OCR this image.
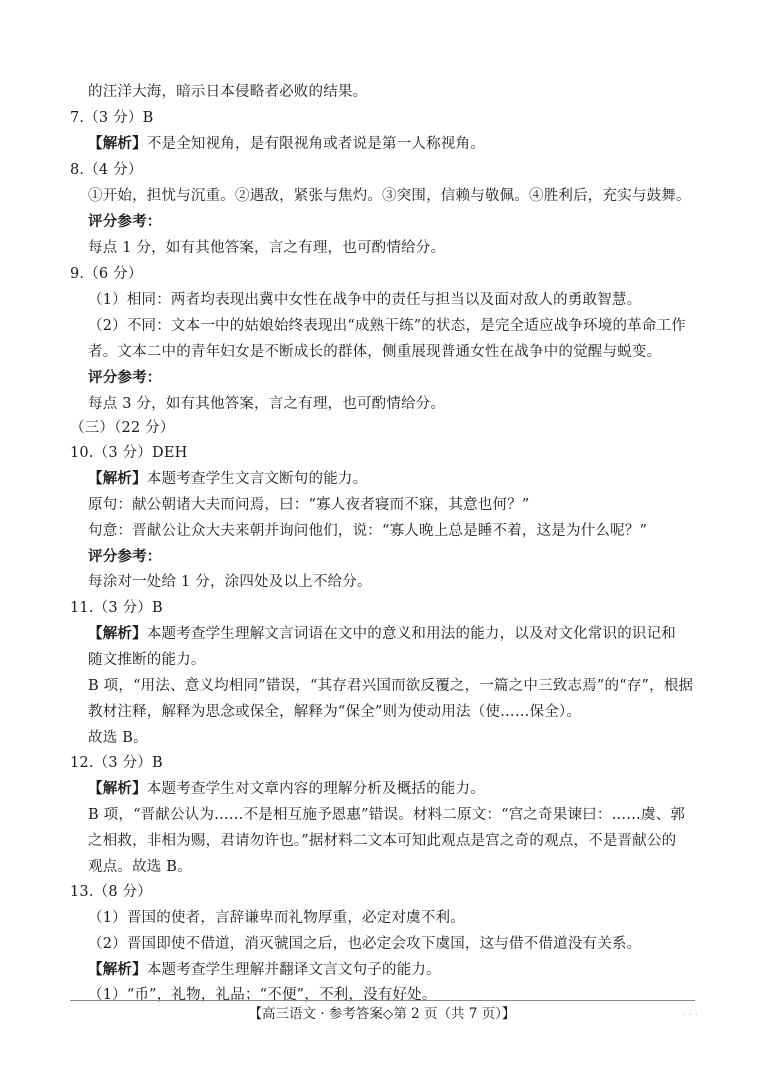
的汪洋大海，暗示日本侵略者必败的结果。
7.（3 分）B
【解析】不是全知视角，是有限视角或者说是第一人称视角。
8.（4 分）
①开始，担忧与沉重。②遇敌，紧张与焦灼。③突围，信赖与敬佩。④胜利后，充实与鼓舞。
评分参考：
每点 1 分，如有其他答案，言之有理，也可酌情给分。
9.（6 分）
（1）相同：两者均表现出冀中女性在战争中的责任与担当以及面对敌人的勇敢智慧。
（2）不同：文本一中的姑娘始终表现出“成熟干练”的状态，是完全适应战争环境的革命工作
者。文本二中的青年妇女是不断成长的群体，侧重展现普通女性在战争中的觉醒与蜕变。
评分参考：
每点 3 分，如有其他答案，言之有理，也可酌情给分。
（三）（22 分）
10.（3 分）DEH
【解析】本题考查学生文言文断句的能力。
原句：献公朝诸大夫而问焉，曰：“寡人夜者寝而不寐，其意也何？”
句意：晋献公让众大夫来朝并询问他们，说：“寡人晚上总是睡不着，这是为什么呢？”
评分参考：
每涂对一处给 1 分，涂四处及以上不给分。
11.（3 分）B
【解析】本题考查学生理解文言词语在文中的意义和用法的能力，以及对文化常识的识记和
随文推断的能力。
B 项，“用法、意义均相同”错误，“其存君兴国而欲反覆之，一篇之中三致志焉”的“存”，根据
教材注释，解释为思念或保全，解释为“保全”则为使动用法（使……保全）。
故选 B。
12.（3 分）B
【解析】本题考查学生对文章内容的理解分析及概括的能力。
B 项，“晋献公认为……不是相互施予恩惠”错误。材料二原文：“宫之奇果谏曰：……虞、郭
之相救，非相为赐，君请勿许也。”据材料二文本可知此观点是宫之奇的观点，不是晋献公的
观点。故选 B。
13.（8 分）
（1）晋国的使者，言辞谦卑而礼物厚重，必定对虞不利。
（2）晋国即使不借道，消灭虢国之后，也必定会攻下虞国，这与借不借道没有关系。
【解析】本题考查学生理解并翻译文言文句子的能力。
（1）“币”，礼物，礼品；“不便”，不利，没有好处。
【高三语文 · 参考答案◇第 2 页（共 7 页）】	· · ·
